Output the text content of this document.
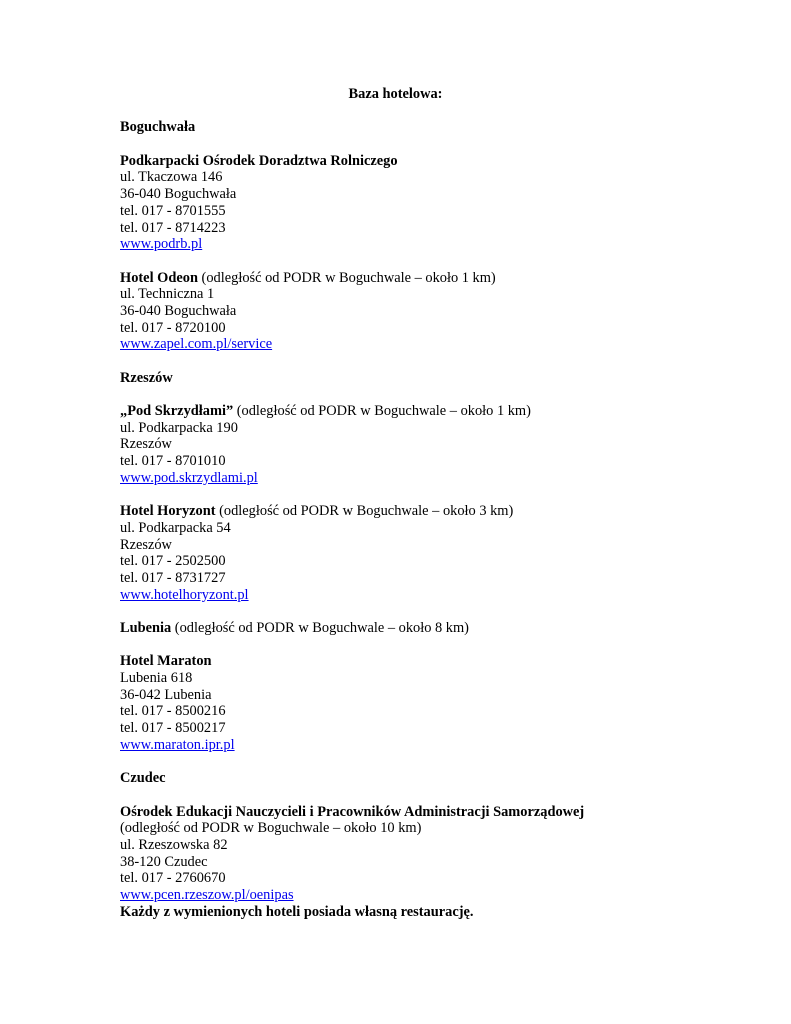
Baza hotelowa:
Boguchwała
Podkarpacki Ośrodek Doradztwa Rolniczego
ul. Tkaczowa 146
36-040 Boguchwała
tel. 017 - 8701555
tel. 017 - 8714223
www.podrb.pl
Hotel Odeon (odległość od PODR w Boguchwale – około 1 km)
ul. Techniczna 1
36-040 Boguchwała
tel. 017 - 8720100
www.zapel.com.pl/service
Rzeszów
„Pod Skrzydłami” (odległość od PODR w Boguchwale – około 1 km)
ul. Podkarpacka 190
Rzeszów
tel. 017 - 8701010
www.pod.skrzydlami.pl
Hotel Horyzont (odległość od PODR w Boguchwale – około 3 km)
ul. Podkarpacka 54
Rzeszów
tel. 017 - 2502500
tel. 017 - 8731727
www.hotelhoryzont.pl
Lubenia (odległość od PODR w Boguchwale – około 8 km)
Hotel Maraton
Lubenia 618
36-042 Lubenia
tel. 017 - 8500216
tel. 017 - 8500217
www.maraton.ipr.pl
Czudec
Ośrodek Edukacji Nauczycieli i Pracowników Administracji Samorządowej
(odległość od PODR w Boguchwale – około 10 km)
ul. Rzeszowska 82
38-120 Czudec
tel. 017 - 2760670
www.pcen.rzeszow.pl/oenipas
Każdy z wymienionych hoteli posiada własną restaurację.
